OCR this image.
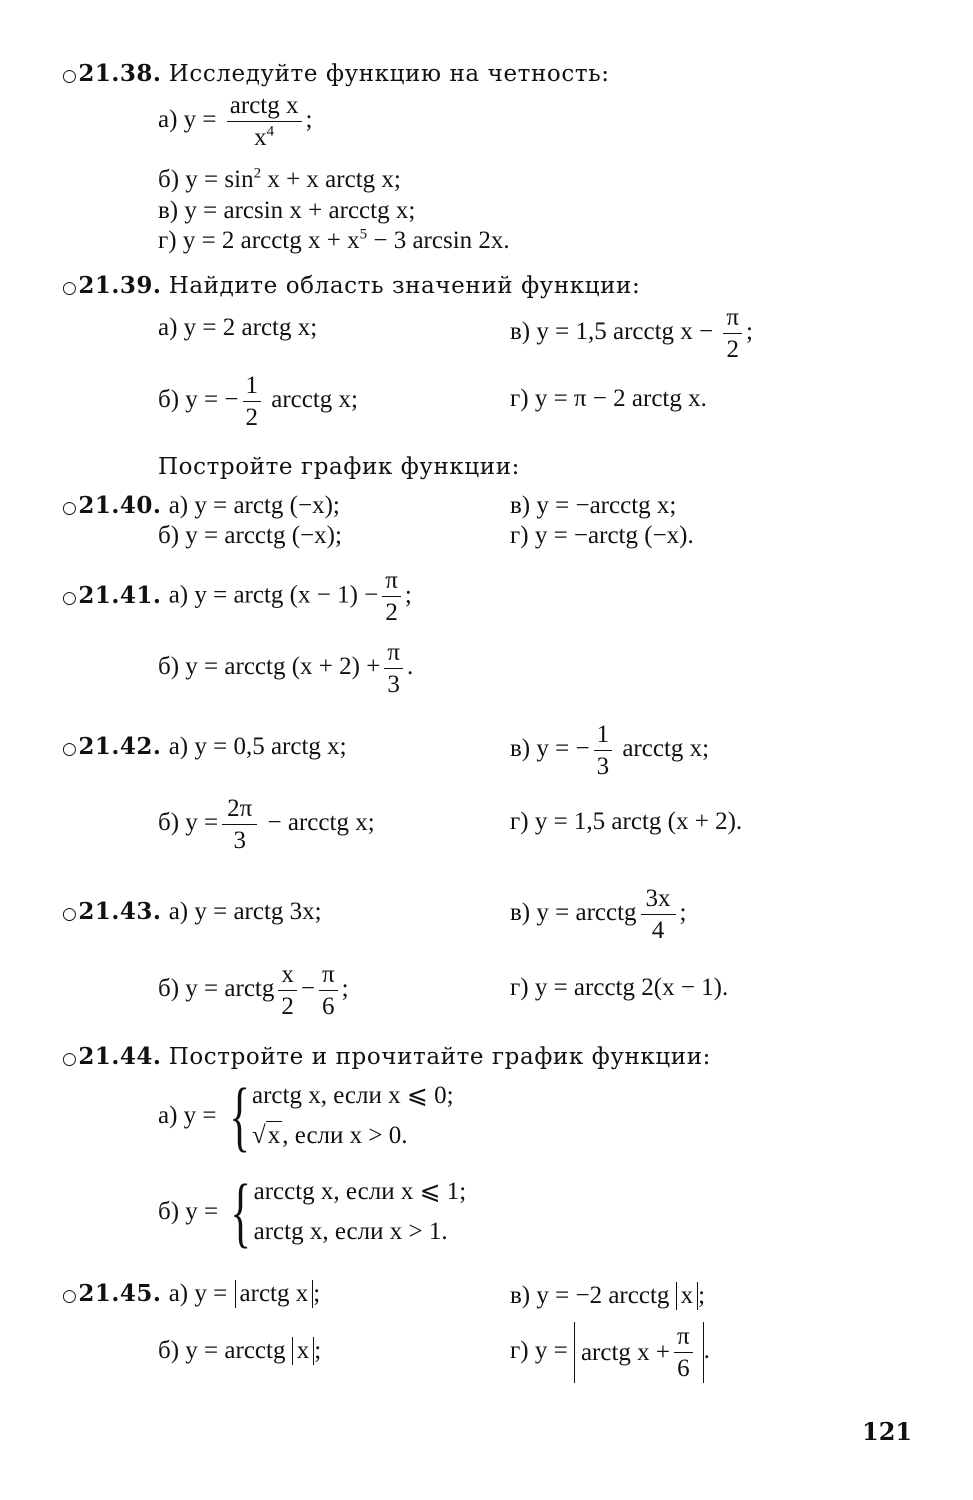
○21.38. Исследуйте функцию на четность:
а) $y = \frac{\text{arctg x}}{x^4}$ ;
б) $y = \sin^2 x + x$ arctg x;
в) y = arcsin x + arcctg x;
г) y = 2 arcctg $x + x^5 - 3$ arcsin 2x.
○21.39. Найдите область значений функции:
а) y = 2 arctg x;	в) y = 1,5 arcctg $x - \frac{\pi}{2}$ ;
б) y = − $\frac{1}{2}$ arcctg x;	г) y = π − 2 arctg x.
Постройте график функции:
○21.40. а) y = arctg (−x);	в) y = −arcctg x;
б) y = arcctg (−x);	г) y = −arctg (−x).
○21.41. а) y = arctg $(x - 1) - \frac{\pi}{2}$ ;
б) y = arcctg $(x + 2) + \frac{\pi}{3}$ .
○21.42. а) y = 0,5 arctg x;	в) y = − $\frac{1}{3}$ arcctg x;
б) $y = \frac{2\pi}{3}$ − arcctg x;	г) y = 1,5 arctg (x + 2).
○21.43. а) y = arctg 3x;	в) y = arcctg $\frac{3x}{4}$ ;
б) y = arctg $\frac{x}{2} - \frac{\pi}{6}$ ;	г) y = arcctg 2(x − 1).
○21.44. Постройте и прочитайте график функции:
а) y = { arctg x, если x ⩽ 0;
√x, если x > 0.
б) y = { arcctg x, если x ⩽ 1;
arctg x, если x > 1.
○21.45. а) y = arctg x ;	в) y = −2 arcctg x ;
б) y = arcctg x ;	г) y = arctg $x + \frac{\pi}{6}$ .
121
